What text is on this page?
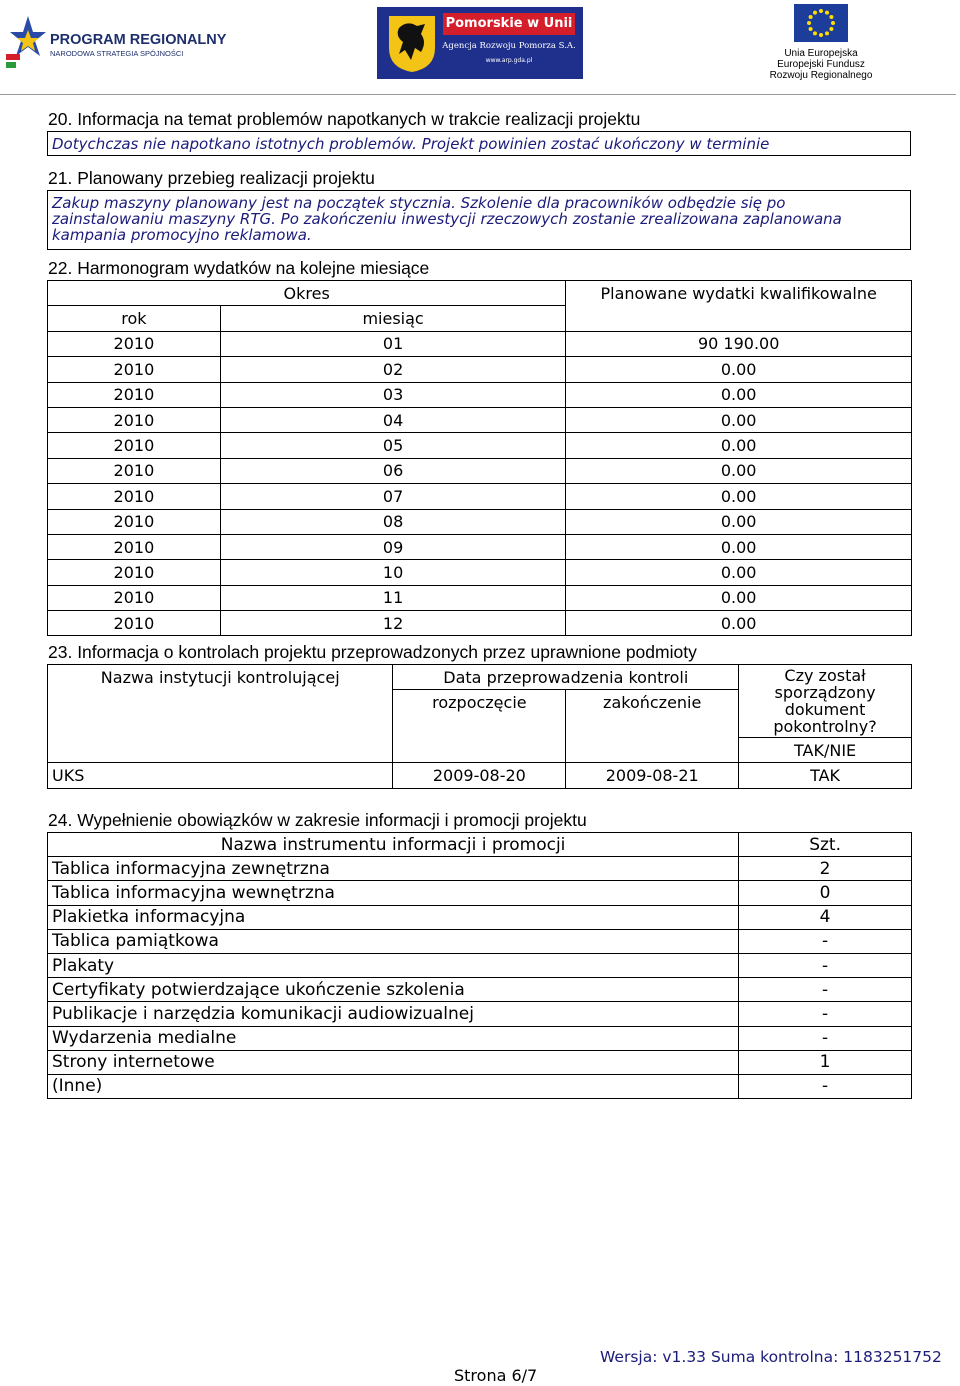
PROGRAM REGIONALNY
NARODOWA STRATEGIA SPÓJNOŚCI
Pomorskie w Unii
Agencja Rozwoju Pomorza S.A.
www.arp.gda.pl
Unia Europejska
Europejski Fundusz
Rozwoju Regionalnego
20. Informacja na temat problemów napotkanych w trakcie realizacji projektu
Dotychczas nie napotkano istotnych problemów. Projekt powinien zostać ukończony w terminie
21. Planowany przebieg realizacji projektu
Zakup maszyny planowany jest na początek stycznia. Szkolenie dla pracowników odbędzie się po
zainstalowaniu maszyny RTG. Po zakończeniu inwestycji rzeczowych zostanie zrealizowana zaplanowana
kampania promocyjno reklamowa.
22. Harmonogram wydatków na kolejne miesiące
Okres		Planowane wydatki kwalifikowalne
rok	miesiąc	
2010	01	90 190.00
2010	02	0.00
2010	03	0.00
2010	04	0.00
2010	05	0.00
2010	06	0.00
2010	07	0.00
2010	08	0.00
2010	09	0.00
2010	10	0.00
2010	11	0.00
2010	12	0.00
23. Informacja o kontrolach projektu przeprowadzonych przez uprawnione podmioty
Nazwa instytucji kontrolującej	Data przeprowadzenia kontroli		Czy został
sporządzony
dokument
pokontrolny?

	rozpoczęcie	zakończenie	
			TAK/NIE
UKS	2009-08-20	2009-08-21	TAK
24. Wypełnienie obowiązków w zakresie informacji i promocji projektu
Nazwa instrumentu informacji i promocji	Szt.
Tablica informacyjna zewnętrzna	2
Tablica informacyjna wewnętrzna	0
Plakietka informacyjna	4
Tablica pamiątkowa	-
Plakaty	-
Certyfikaty potwierdzające ukończenie szkolenia	-
Publikacje i narzędzia komunikacji audiowizualnej	-
Wydarzenia medialne	-
Strony internetowe	1
(Inne)	-
Wersja: v1.33 Suma kontrolna: 1183251752
Strona 6/7
